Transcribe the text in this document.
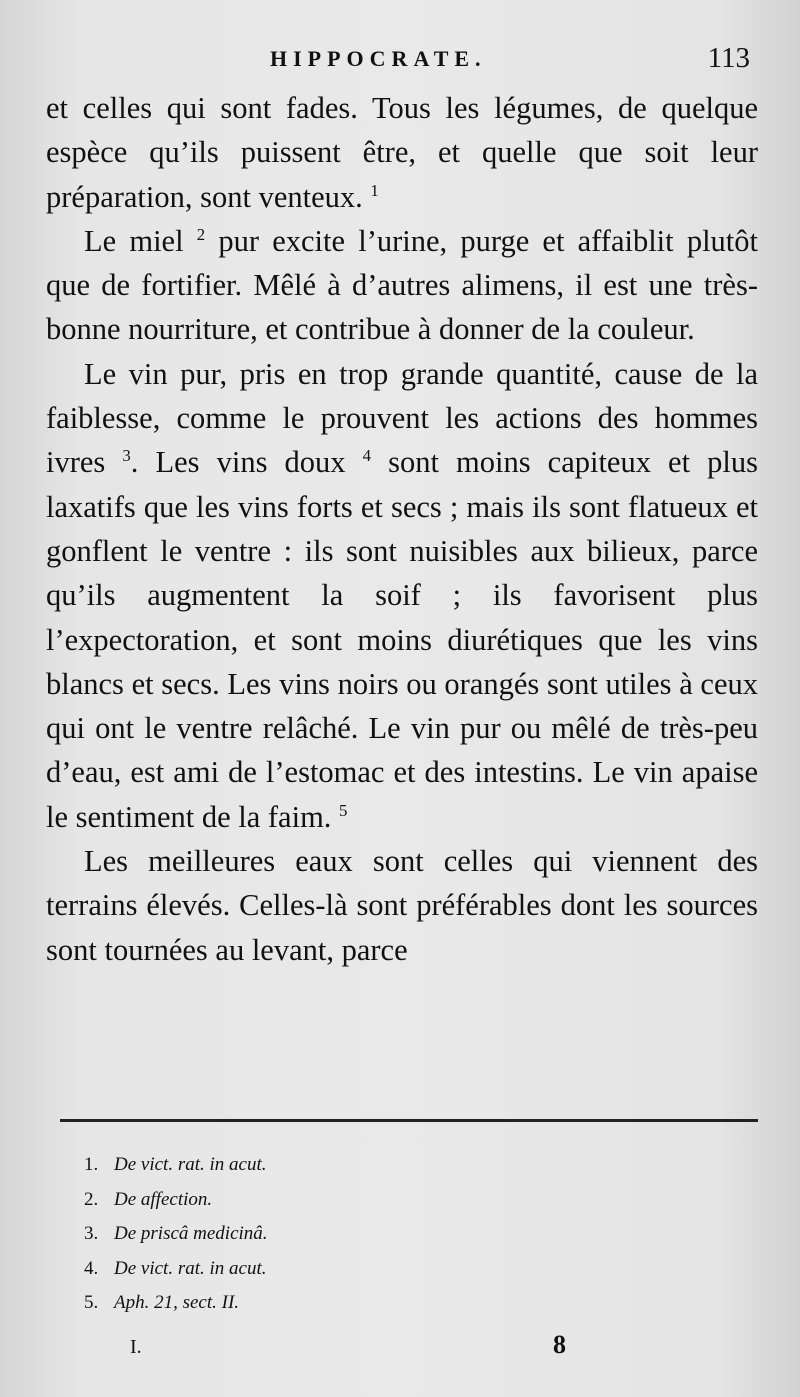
HIPPOCRATE.	113

et celles qui sont fades. Tous les légumes, de quelque espèce qu’ils puissent être, et quelle que soit leur préparation, sont venteux. $^1$

Le miel $^2$ pur excite l’urine, purge et affaiblit plutôt que de fortifier. Mêlé à d’autres alimens, il est une très-bonne nourriture, et contribue à donner de la couleur.

Le vin pur, pris en trop grande quantité, cause de la faiblesse, comme le prouvent les actions des hommes ivres $^3$. Les vins doux $^4$ sont moins capiteux et plus laxatifs que les vins forts et secs ; mais ils sont flatueux et gonflent le ventre : ils sont nuisibles aux bilieux, parce qu’ils augmentent la soif ; ils favorisent plus l’expectoration, et sont moins diurétiques que les vins blancs et secs. Les vins noirs ou orangés sont utiles à ceux qui ont le ventre relâché. Le vin pur ou mêlé de très-peu d’eau, est ami de l’estomac et des intestins. Le vin apaise le sentiment de la faim. $^5$

Les meilleures eaux sont celles qui viennent des terrains élevés. Celles-là sont préférables dont les sources sont tournées au levant, parce

1. De vict. rat. in acut.
2. De affection.
3. De priscâ medicinâ.
4. De vict. rat. in acut.
5. Aph. 21, sect. II.
I.	8
